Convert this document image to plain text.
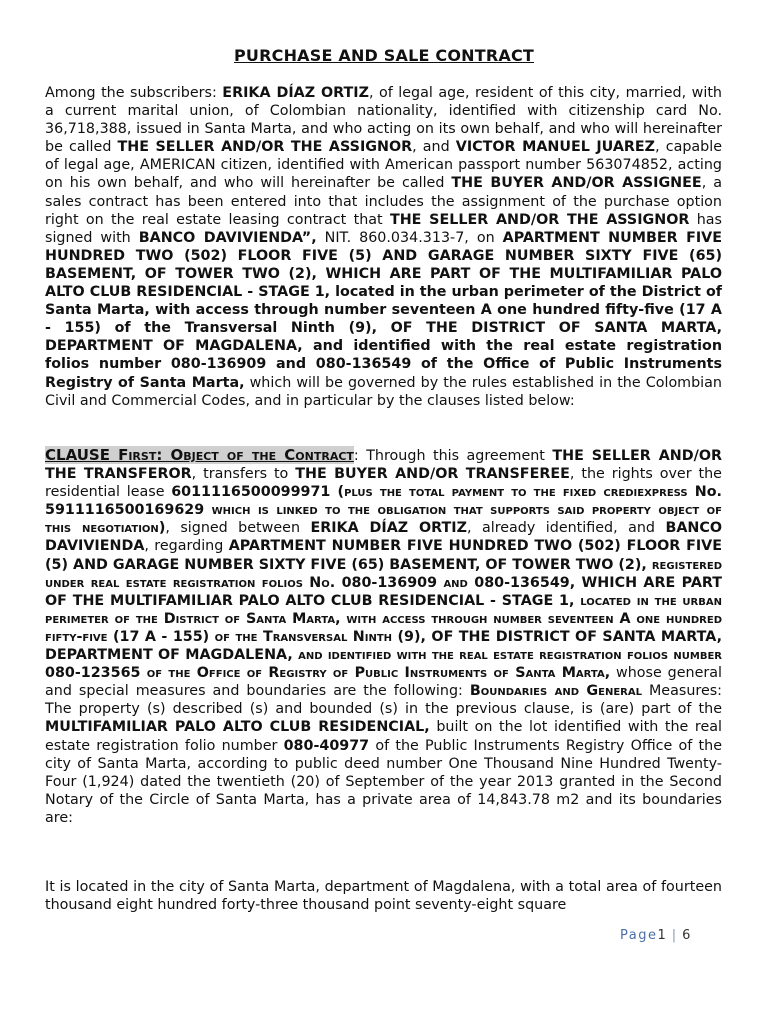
PURCHASE AND SALE CONTRACT

Among the subscribers: ERIKA DÍAZ ORTIZ, of legal age, resident of this city, married, with a current marital union, of Colombian nationality, identified with citizenship card No. 36,718,388, issued in Santa Marta, and who acting on its own behalf, and who will hereinafter be called THE SELLER AND/OR THE ASSIGNOR, and VICTOR MANUEL JUAREZ, capable of legal age, AMERICAN citizen, identified with American passport number 563074852, acting on his own behalf, and who will hereinafter be called THE BUYER AND/OR ASSIGNEE, a sales contract has been entered into that includes the assignment of the purchase option right on the real estate leasing contract that THE SELLER AND/OR THE ASSIGNOR has signed with BANCO DAVIVIENDA”, NIT. 860.034.313-7, on APARTMENT NUMBER FIVE HUNDRED TWO (502) FLOOR FIVE (5) AND GARAGE NUMBER SIXTY FIVE (65) BASEMENT, OF TOWER TWO (2), WHICH ARE PART OF THE MULTIFAMILIAR PALO ALTO CLUB RESIDENCIAL - STAGE 1, located in the urban perimeter of the District of Santa Marta, with access through number seventeen A one hundred fifty-five (17 A - 155) of the Transversal Ninth (9), OF THE DISTRICT OF SANTA MARTA, DEPARTMENT OF MAGDALENA, and identified with the real estate registration folios number 080-136909 and 080-136549 of the Office of Public Instruments Registry of Santa Marta, which will be governed by the rules established in the Colombian Civil and Commercial Codes, and in particular by the clauses listed below:

CLAUSE First: Object of the Contract: Through this agreement THE SELLER AND/OR THE TRANSFEROR, transfers to THE BUYER AND/OR TRANSFEREE, the rights over the residential lease 6011116500099971 (plus the total payment to the fixed crediexpress No. 5911116500169629 which is linked to the obligation that supports said property object of this negotiation), signed between ERIKA DÍAZ ORTIZ, already identified, and BANCO DAVIVIENDA, regarding APARTMENT NUMBER FIVE HUNDRED TWO (502) FLOOR FIVE (5) AND GARAGE NUMBER SIXTY FIVE (65) BASEMENT, OF TOWER TWO (2), registered under real estate registration folios No. 080-136909 and 080-136549, WHICH ARE PART OF THE MULTIFAMILIAR PALO ALTO CLUB RESIDENCIAL - STAGE 1, located in the urban perimeter of the District of Santa Marta, with access through number seventeen A one hundred fifty-five (17 A - 155) of the Transversal Ninth (9), OF THE DISTRICT OF SANTA MARTA, DEPARTMENT OF MAGDALENA, and identified with the real estate registration folios number 080-123565 of the Office of Registry of Public Instruments of Santa Marta, whose general and special measures and boundaries are the following: Boundaries and General Measures: The property (s) described (s) and bounded (s) in the previous clause, is (are) part of the MULTIFAMILIAR PALO ALTO CLUB RESIDENCIAL, built on the lot identified with the real estate registration folio number 080-40977 of the Public Instruments Registry Office of the city of Santa Marta, according to public deed number One Thousand Nine Hundred Twenty-Four (1,924) dated the twentieth (20) of September of the year 2013 granted in the Second Notary of the Circle of Santa Marta, has a private area of 14,843.78 m2 and its boundaries are:

It is located in the city of Santa Marta, department of Magdalena, with a total area of fourteen thousand eight hundred forty-three thousand point seventy-eight square

Page1 | 6
